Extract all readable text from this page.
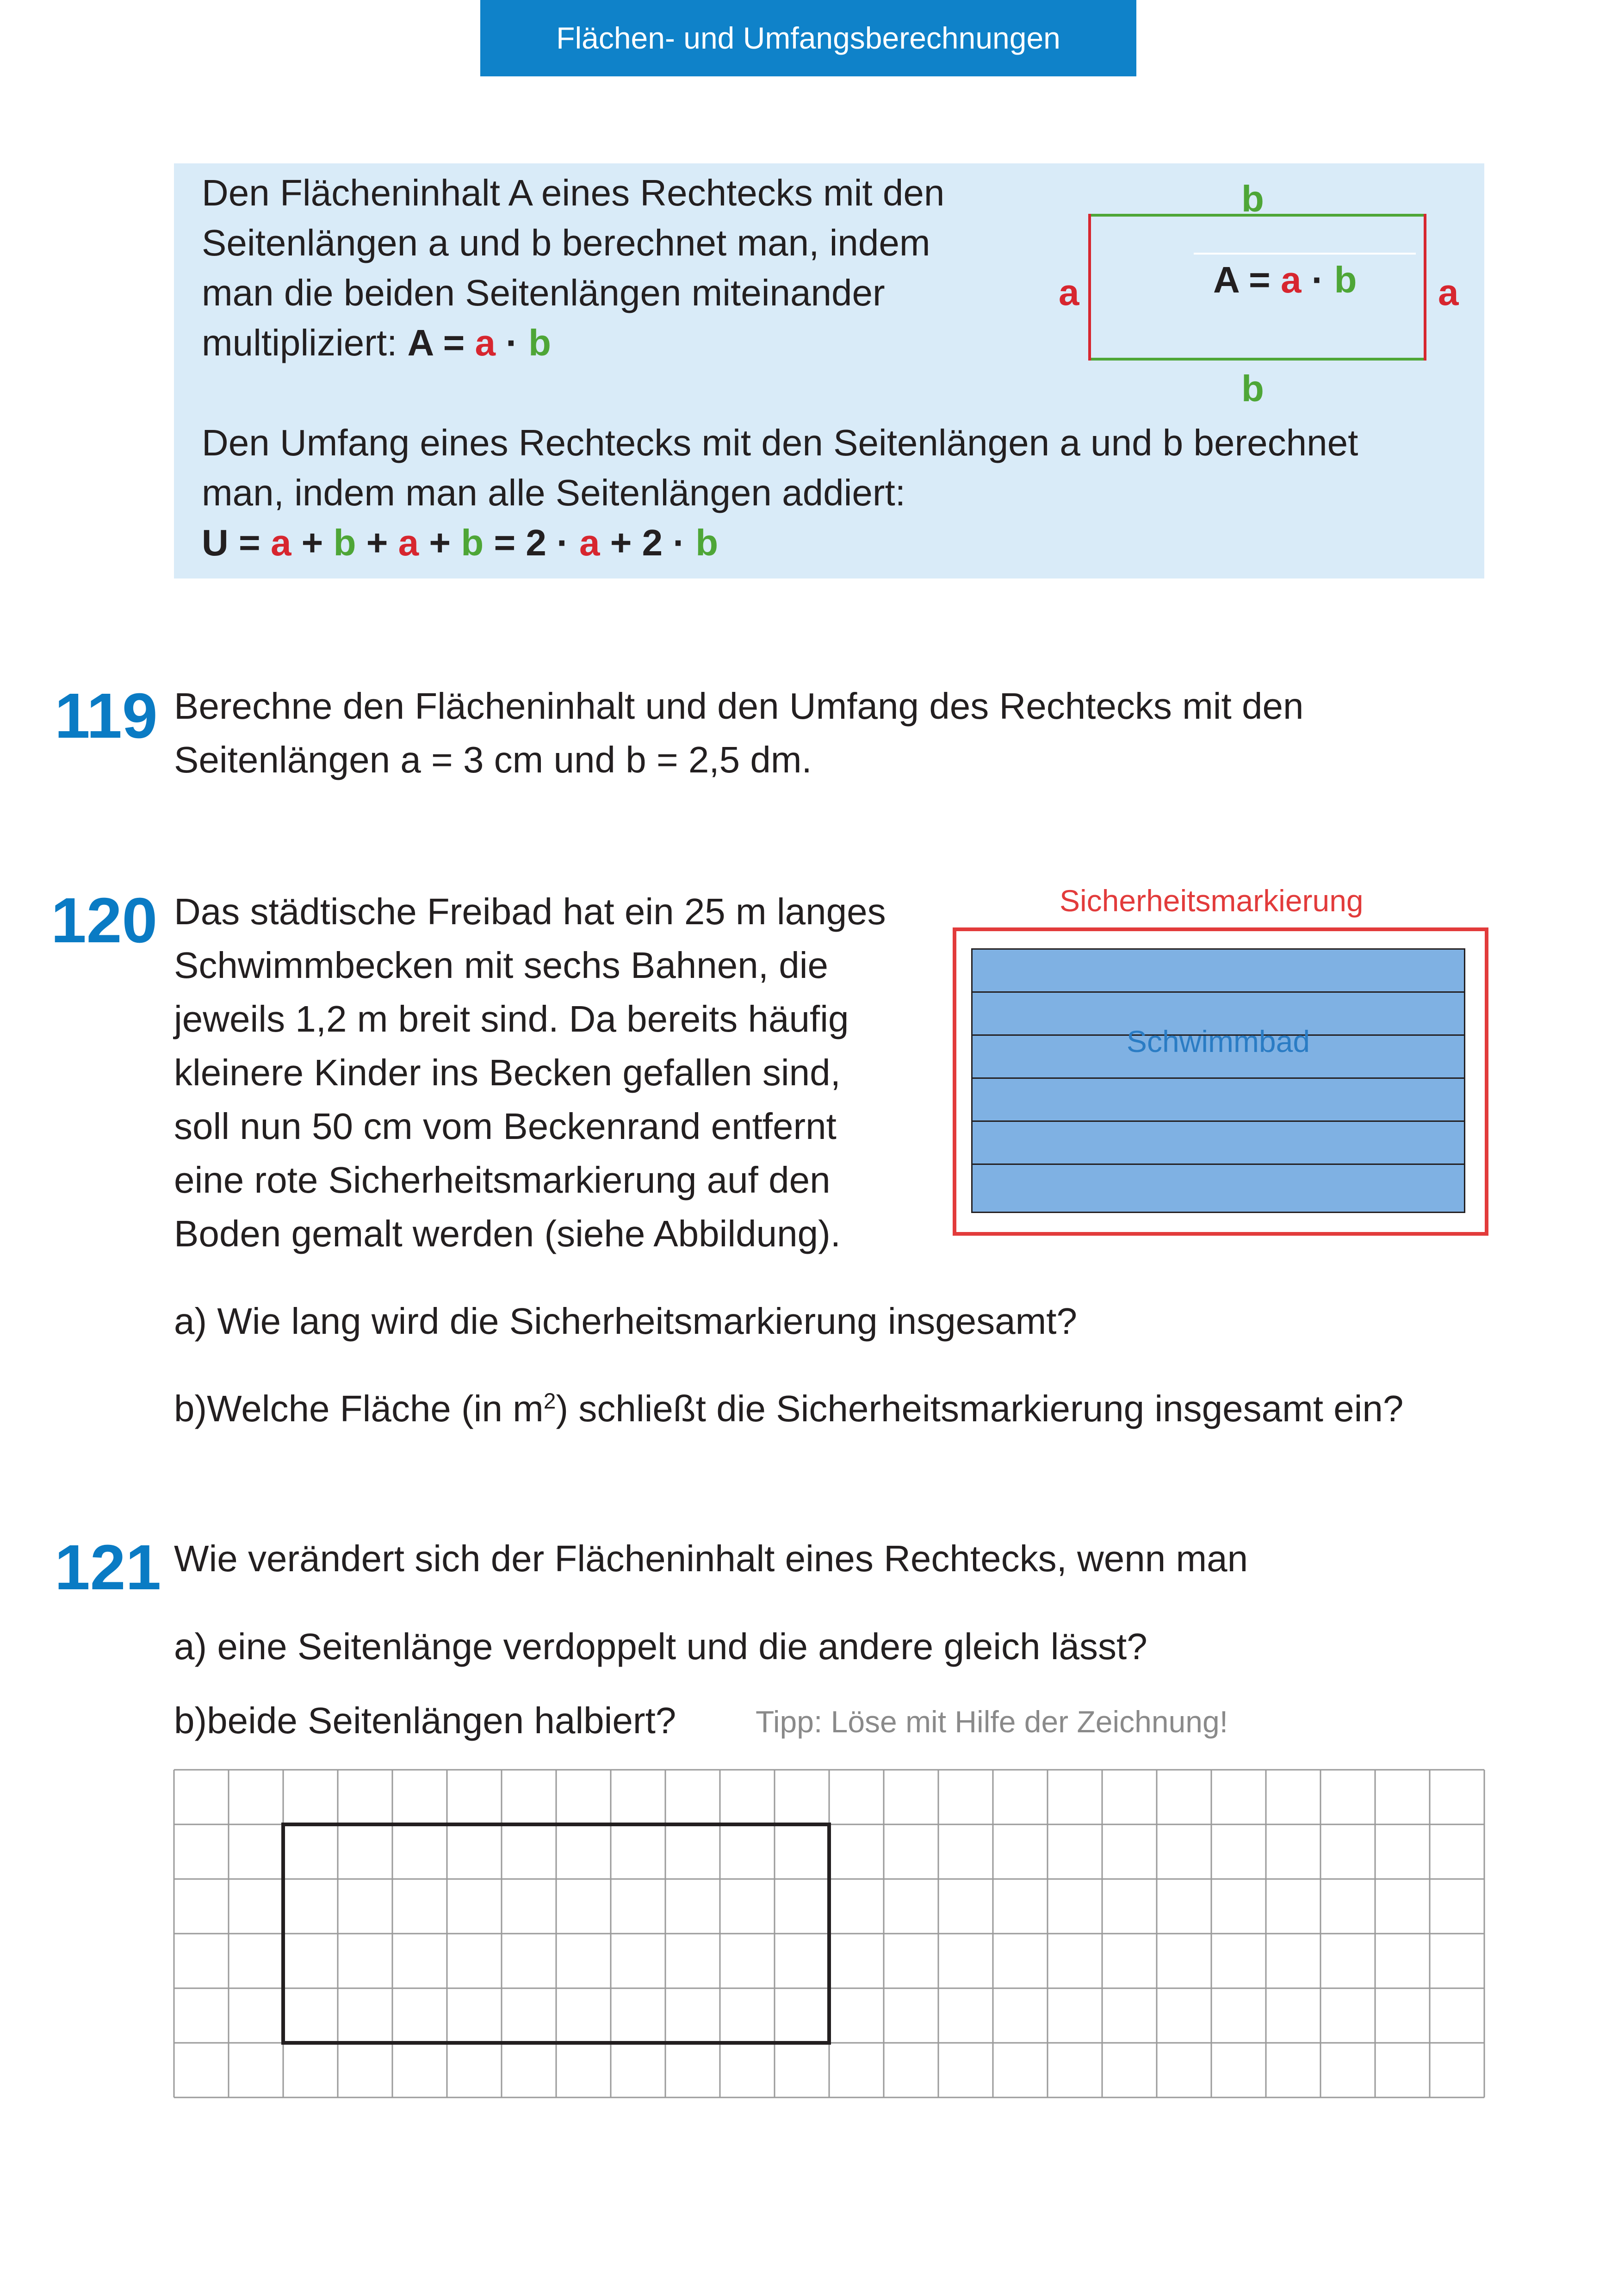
Flächen- und Umfangsberechnungen
Den Flächeninhalt A eines Rechtecks mit den
Seitenlängen a und b berechnet man, indem
man die beiden Seitenlängen miteinander
multipliziert: A = a · b
Den Umfang eines Rechtecks mit den Seitenlängen a und b berechnet
man, indem man alle Seitenlängen addiert:
U = a + b + a + b = 2 · a + 2 · b
b
b
a	a
A = a · b
119 Berechne den Flächeninhalt und den Umfang des Rechtecks mit den
Seitenlängen a = 3 cm und b = 2,5 dm.
120 Das städtische Freibad hat ein 25 m langes
Schwimmbecken mit sechs Bahnen, die
jeweils 1,2 m breit sind. Da bereits häufig
kleinere Kinder ins Becken gefallen sind,
soll nun 50 cm vom Beckenrand entfernt
eine rote Sicherheitsmarkierung auf den
Boden gemalt werden (siehe Abbildung).
Sicherheitsmarkierung
Schwimmbad
a) Wie lang wird die Sicherheitsmarkierung insgesamt?
b)Welche Fläche (in $m^2$) schließt die Sicherheitsmarkierung insgesamt ein?
121 Wie verändert sich der Flächeninhalt eines Rechtecks, wenn man
a) eine Seitenlänge verdoppelt und die andere gleich lässt?
b)beide Seitenlängen halbiert?	Tipp: Löse mit Hilfe der Zeichnung!
